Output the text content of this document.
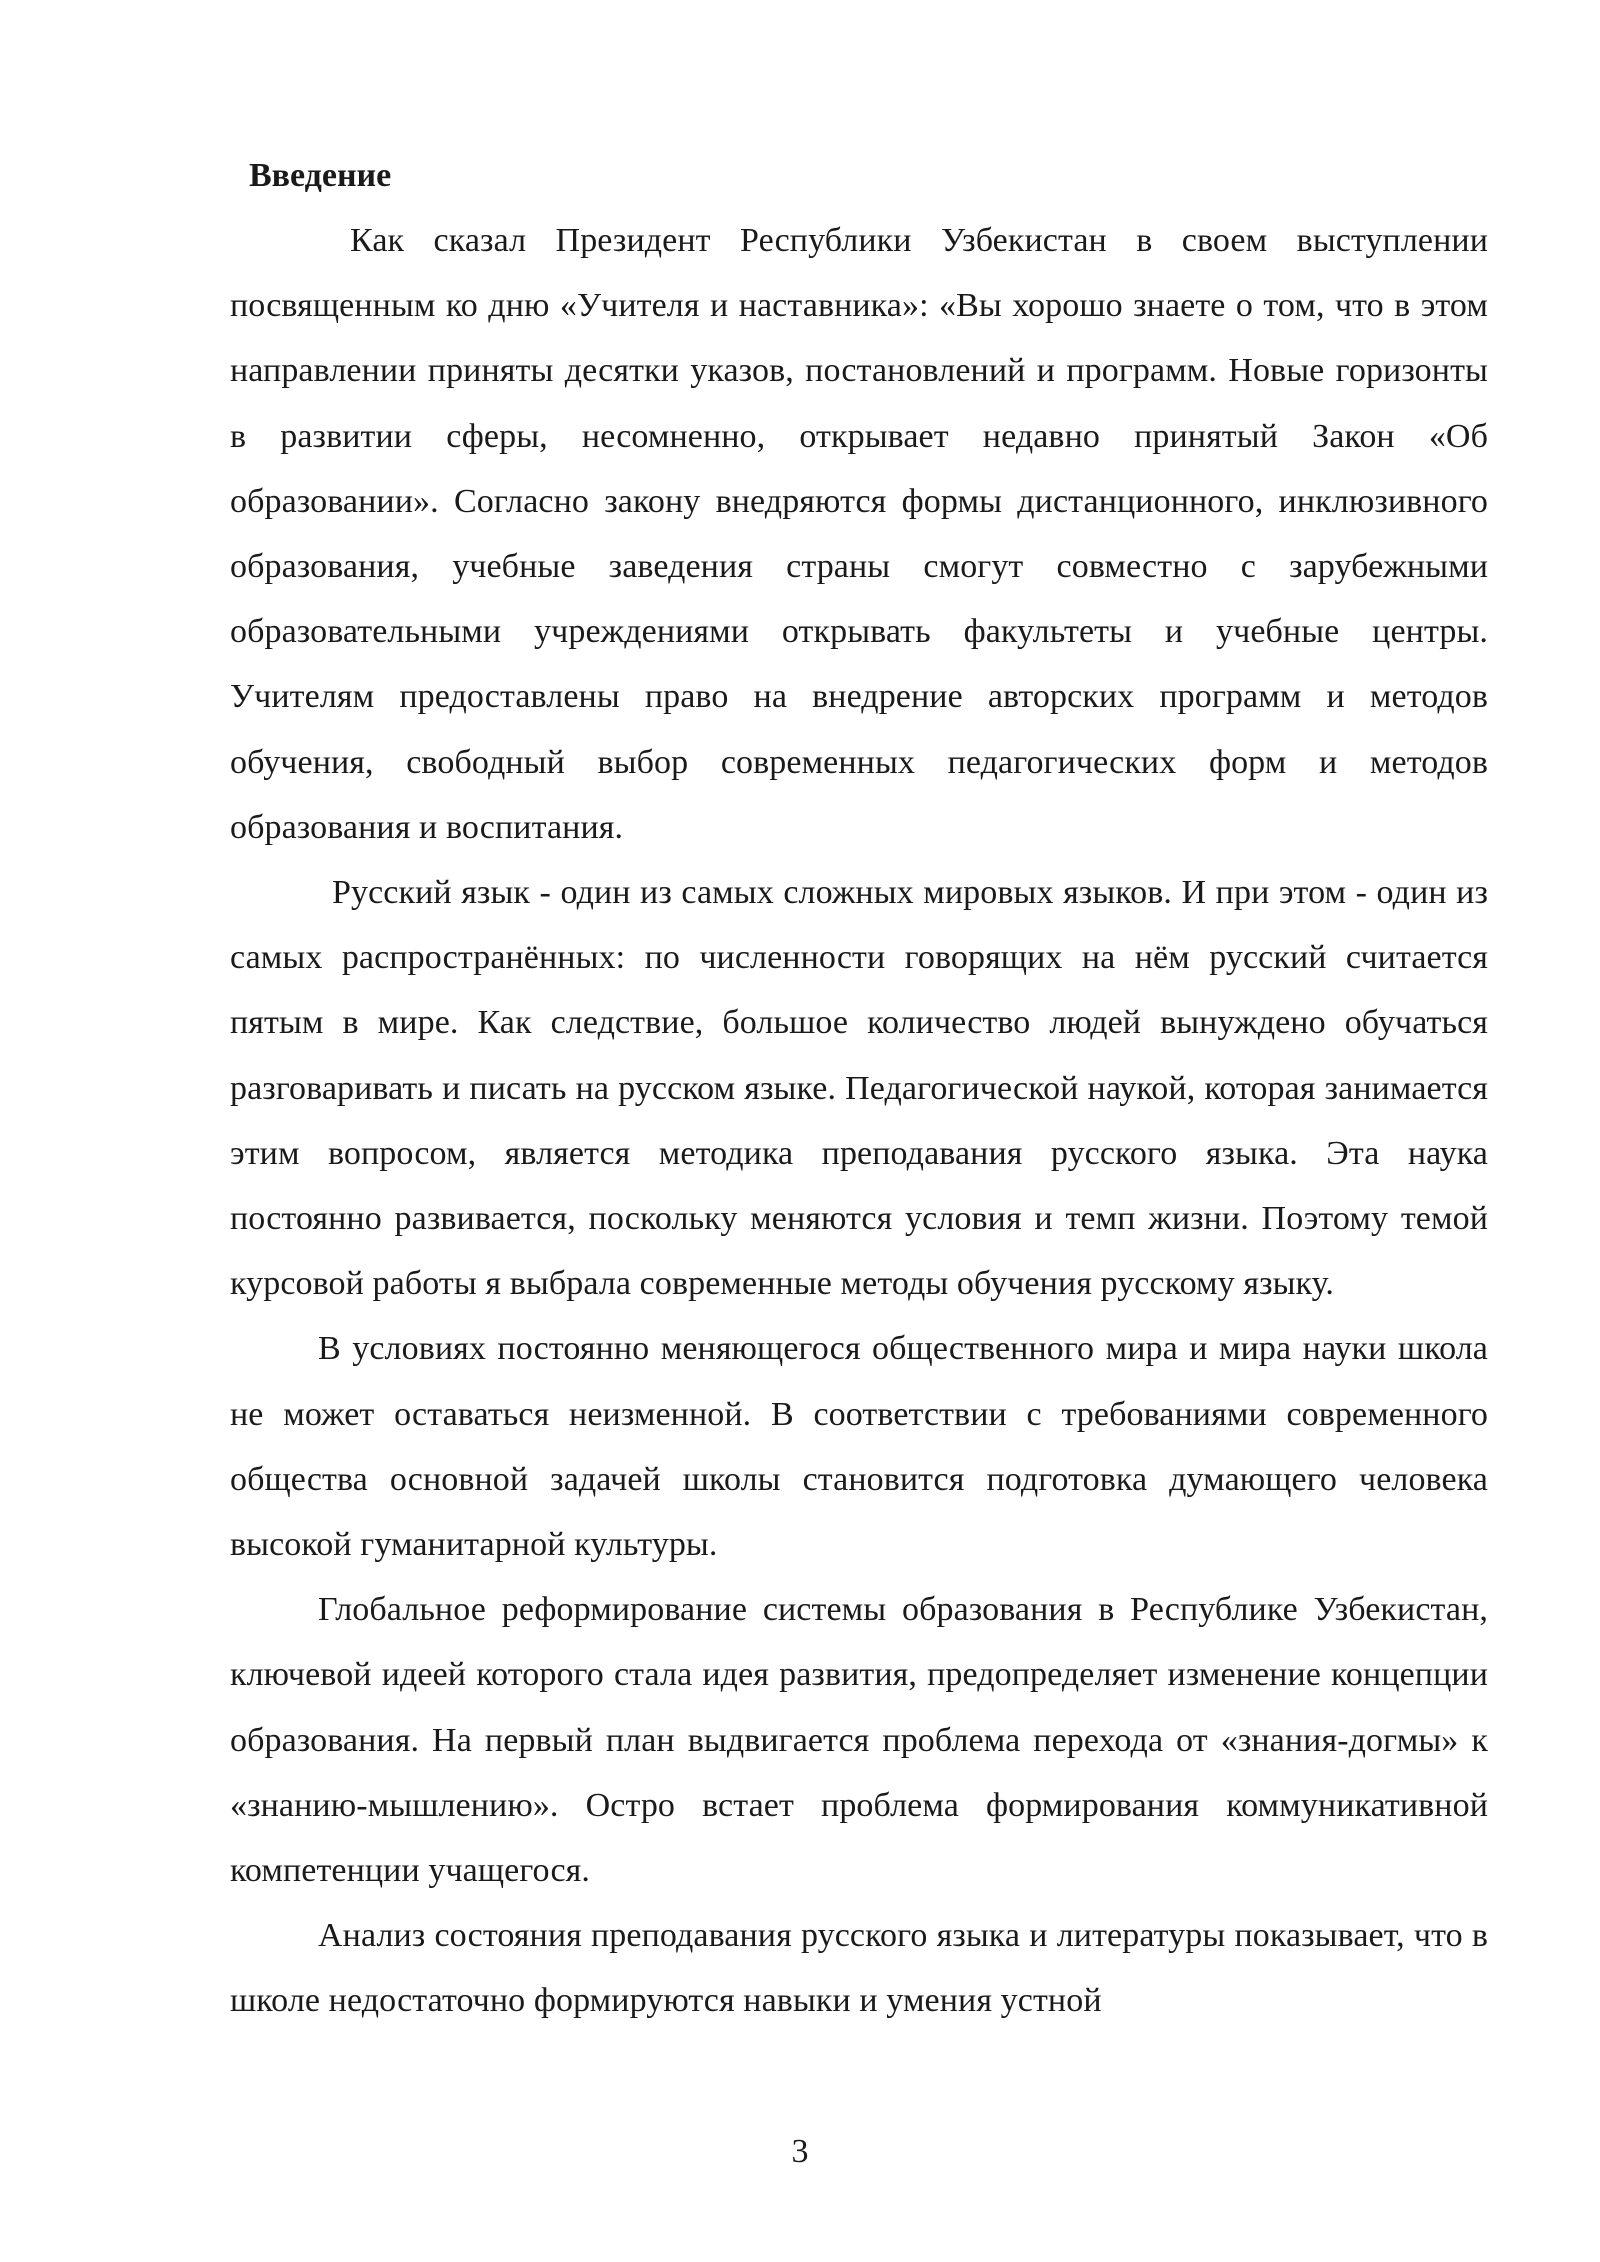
Введение

Как сказал Президент Республики Узбекистан в своем выступлении посвященным ко дню «Учителя и наставника»: «Вы хорошо знаете о том, что в этом направлении приняты десятки указов, постановлений и программ. Новые горизонты в развитии сферы, несомненно, открывает недавно принятый Закон «Об образовании». Согласно закону внедряются формы дистанционного, инклюзивного образования, учебные заведения страны смогут совместно с зарубежными образовательными учреждениями открывать факультеты и учебные центры. Учителям предоставлены право на внедрение авторских программ и методов обучения, свободный выбор современных педагогических форм и методов образования и воспитания.

Русский язык - один из самых сложных мировых языков. И при этом - один из самых распространённых: по численности говорящих на нём русский считается пятым в мире. Как следствие, большое количество людей вынуждено обучаться разговаривать и писать на русском языке. Педагогической наукой, которая занимается этим вопросом, является методика преподавания русского языка. Эта наука постоянно развивается, поскольку меняются условия и темп жизни. Поэтому темой курсовой работы я выбрала современные методы обучения русскому языку.

В условиях постоянно меняющегося общественного мира и мира науки школа не может оставаться неизменной. В соответствии с требованиями современного общества основной задачей школы становится подготовка думающего человека высокой гуманитарной культуры.

Глобальное реформирование системы образования в Республике Узбекистан, ключевой идеей которого стала идея развития, предопределяет изменение концепции образования. На первый план выдвигается проблема перехода от «знания-догмы» к «знанию-мышлению». Остро встает проблема формирования коммуникативной компетенции учащегося.

Анализ состояния преподавания русского языка и литературы показывает, что в школе недостаточно формируются навыки и умения устной

3
